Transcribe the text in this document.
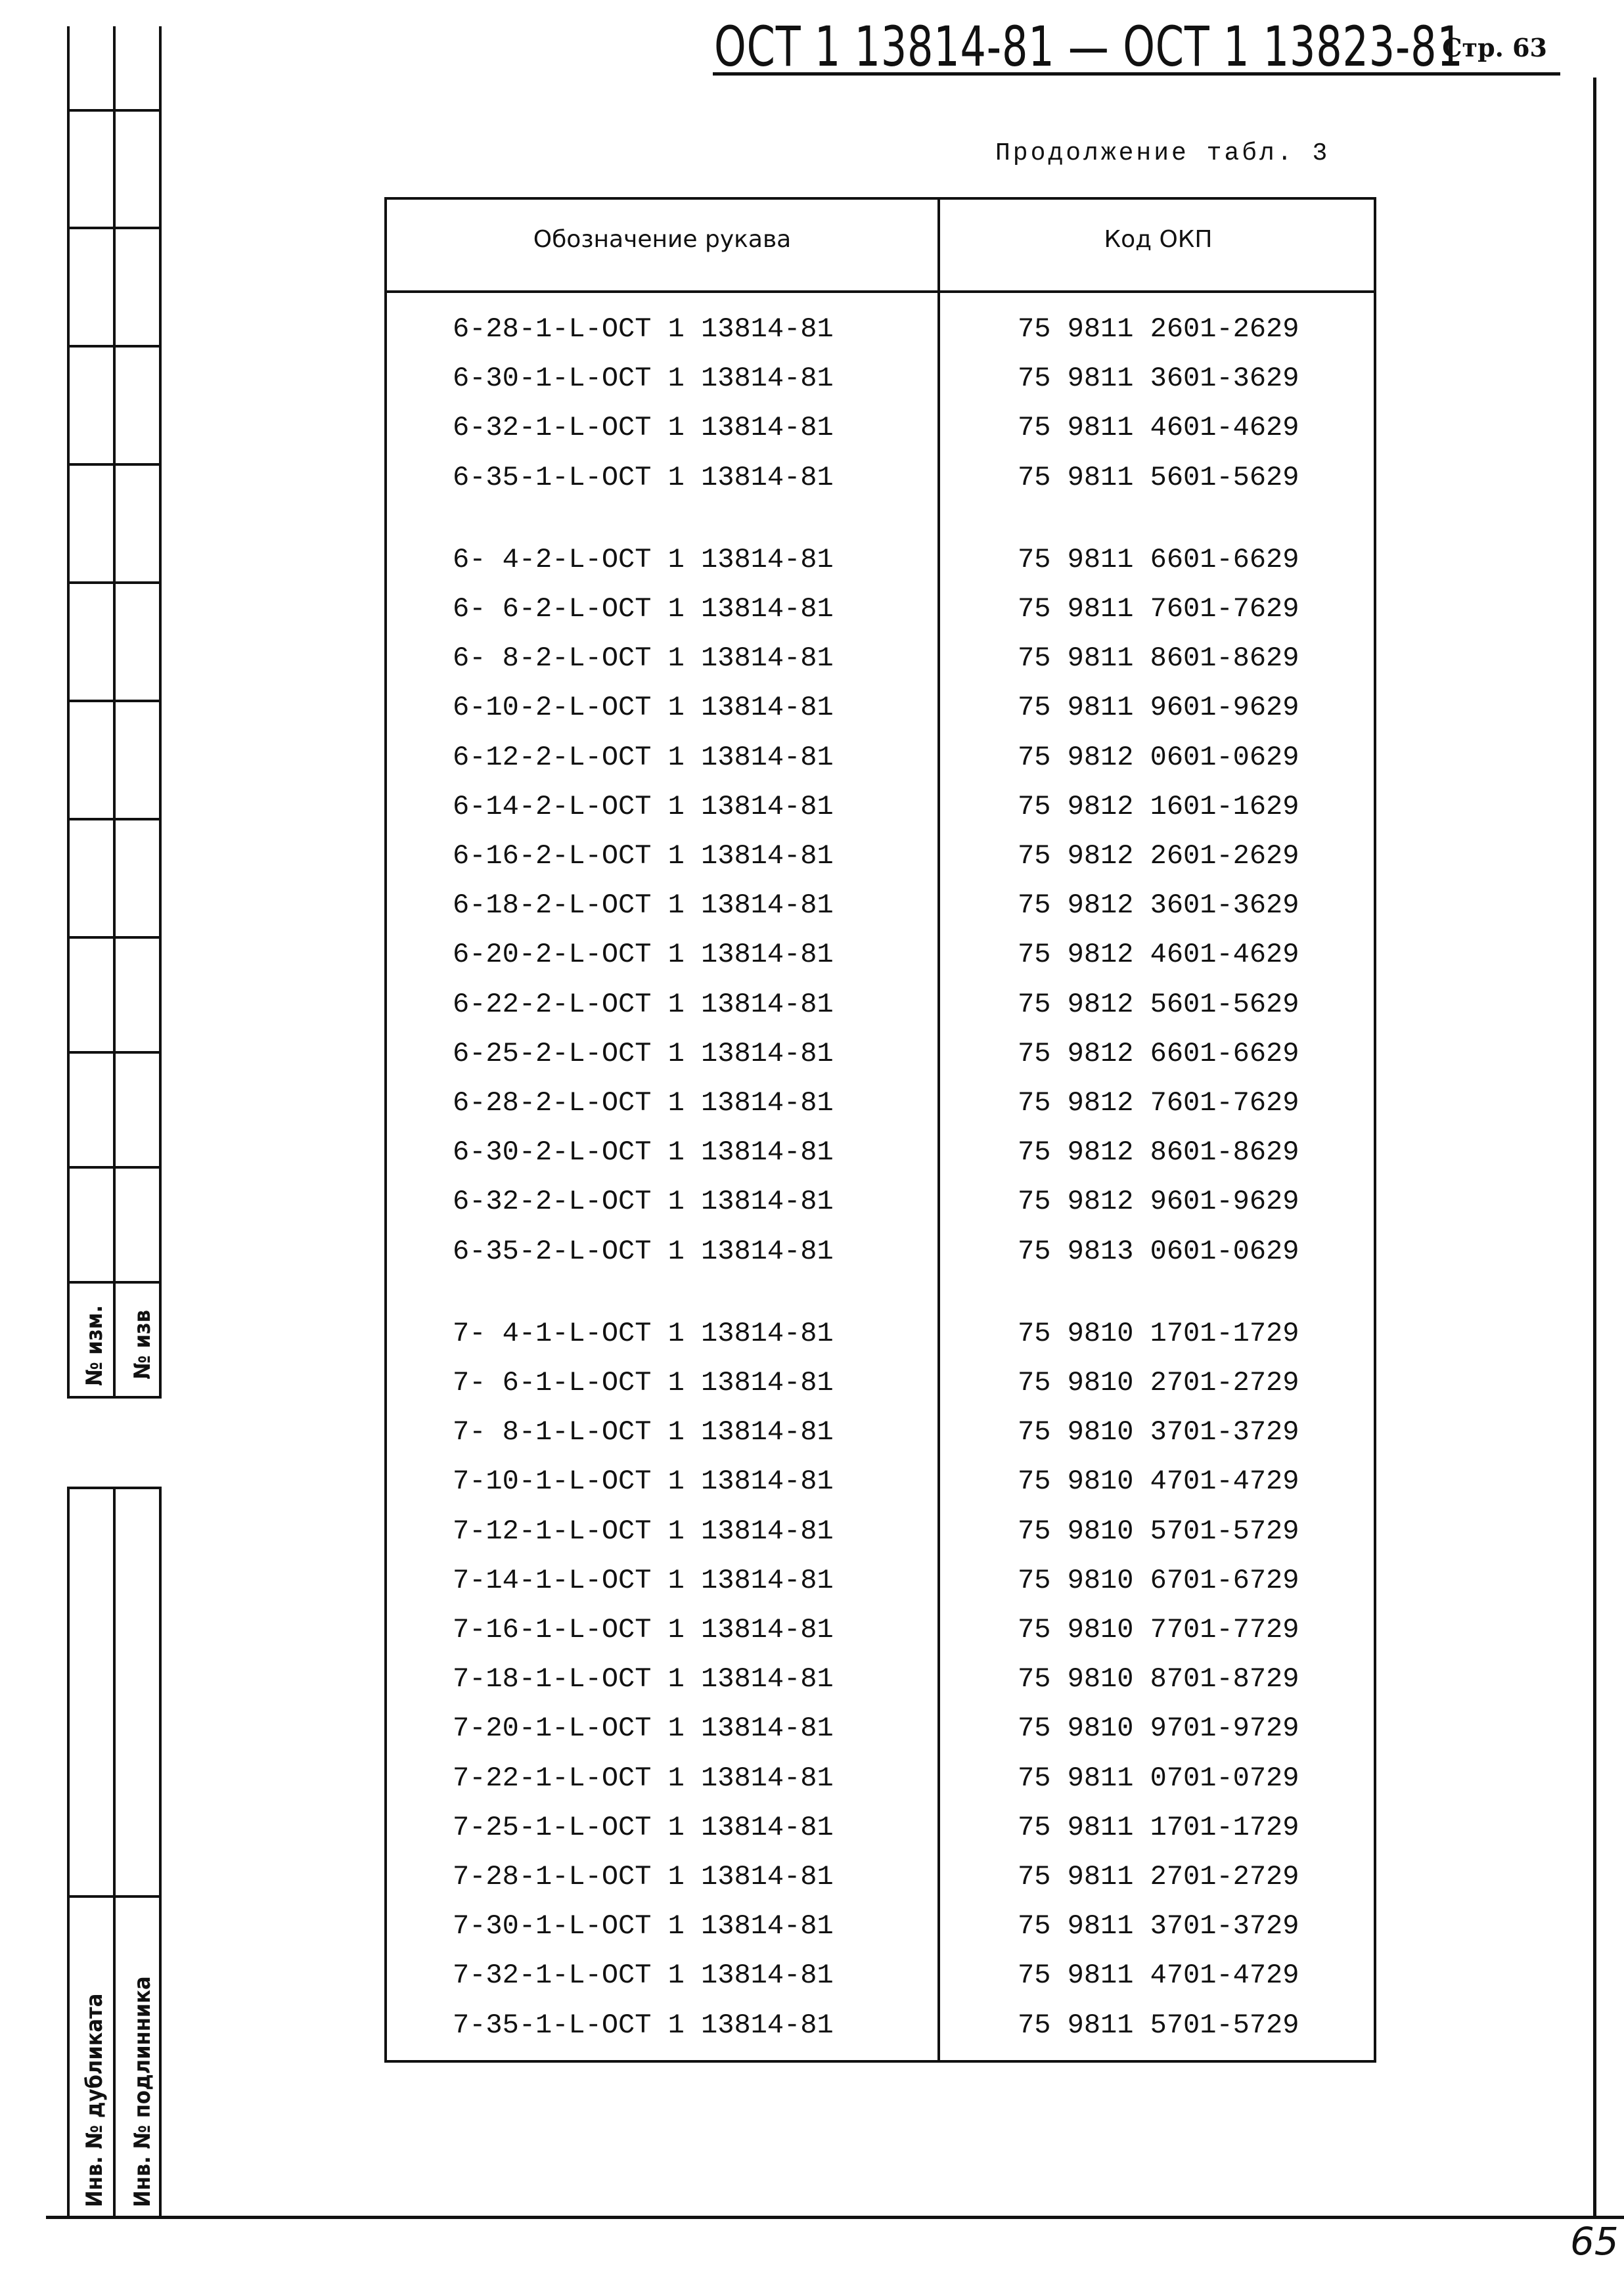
№ изм. № изв
Инв. № дубликата Инв. № подлинника
ОСТ 1 13814-81 — ОСТ 1 13823-81
Стр. 63
65
Продолжение табл. 3
Обозначение рукава	Код ОКП
6-28-1-L-ОСТ 1 13814-81	75 9811 2601-2629
6-30-1-L-ОСТ 1 13814-81	75 9811 3601-3629
6-32-1-L-ОСТ 1 13814-81	75 9811 4601-4629
6-35-1-L-ОСТ 1 13814-81	75 9811 5601-5629
6- 4-2-L-ОСТ 1 13814-81	75 9811 6601-6629
6- 6-2-L-ОСТ 1 13814-81	75 9811 7601-7629
6- 8-2-L-ОСТ 1 13814-81	75 9811 8601-8629
6-10-2-L-ОСТ 1 13814-81	75 9811 9601-9629
6-12-2-L-ОСТ 1 13814-81	75 9812 0601-0629
6-14-2-L-ОСТ 1 13814-81	75 9812 1601-1629
6-16-2-L-ОСТ 1 13814-81	75 9812 2601-2629
6-18-2-L-ОСТ 1 13814-81	75 9812 3601-3629
6-20-2-L-ОСТ 1 13814-81	75 9812 4601-4629
6-22-2-L-ОСТ 1 13814-81	75 9812 5601-5629
6-25-2-L-ОСТ 1 13814-81	75 9812 6601-6629
6-28-2-L-ОСТ 1 13814-81	75 9812 7601-7629
6-30-2-L-ОСТ 1 13814-81	75 9812 8601-8629
6-32-2-L-ОСТ 1 13814-81	75 9812 9601-9629
6-35-2-L-ОСТ 1 13814-81	75 9813 0601-0629
7- 4-1-L-ОСТ 1 13814-81	75 9810 1701-1729
7- 6-1-L-ОСТ 1 13814-81	75 9810 2701-2729
7- 8-1-L-ОСТ 1 13814-81	75 9810 3701-3729
7-10-1-L-ОСТ 1 13814-81	75 9810 4701-4729
7-12-1-L-ОСТ 1 13814-81	75 9810 5701-5729
7-14-1-L-ОСТ 1 13814-81	75 9810 6701-6729
7-16-1-L-ОСТ 1 13814-81	75 9810 7701-7729
7-18-1-L-ОСТ 1 13814-81	75 9810 8701-8729
7-20-1-L-ОСТ 1 13814-81	75 9810 9701-9729
7-22-1-L-ОСТ 1 13814-81	75 9811 0701-0729
7-25-1-L-ОСТ 1 13814-81	75 9811 1701-1729
7-28-1-L-ОСТ 1 13814-81	75 9811 2701-2729
7-30-1-L-ОСТ 1 13814-81	75 9811 3701-3729
7-32-1-L-ОСТ 1 13814-81	75 9811 4701-4729
7-35-1-L-ОСТ 1 13814-81	75 9811 5701-5729
